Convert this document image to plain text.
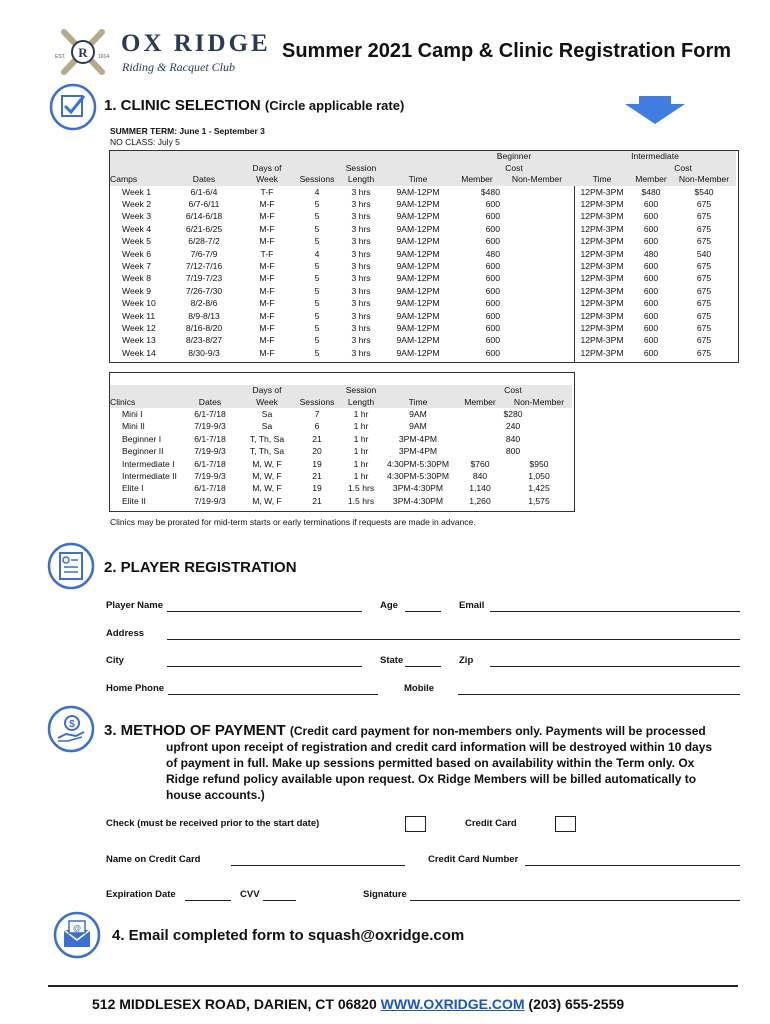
R
EST.	1914 OX RIDGE
Riding & Racquet Club
Summer 2021 Camp & Clinic Registration Form
1. CLINIC SELECTION (Circle applicable rate)
SUMMER TERM: June 1 - September 3
NO CLASS: July 5
						Beginner		Intermediate		
		Days of		Session		Cost			Cost	
Camps	Dates	Week	Sessions	Length	Time	Member	Non-Member	Time	Member	Non-Member
Week 1	6/1-6/4	T-F	4	3 hrs	9AM-12PM	$480		12PM-3PM	$480	$540
Week 2	6/7-6/11	M-F	5	3 hrs	9AM-12PM	600		12PM-3PM	600	675
Week 3	6/14-6/18	M-F	5	3 hrs	9AM-12PM	600		12PM-3PM	600	675
Week 4	6/21-6/25	M-F	5	3 hrs	9AM-12PM	600		12PM-3PM	600	675
Week 5	6/28-7/2	M-F	5	3 hrs	9AM-12PM	600		12PM-3PM	600	675
Week 6	7/6-7/9	T-F	4	3 hrs	9AM-12PM	480		12PM-3PM	480	540
Week 7	7/12-7/16	M-F	5	3 hrs	9AM-12PM	600		12PM-3PM	600	675
Week 8	7/19-7/23	M-F	5	3 hrs	9AM-12PM	600		12PM-3PM	600	675
Week 9	7/26-7/30	M-F	5	3 hrs	9AM-12PM	600		12PM-3PM	600	675
Week 10	8/2-8/6	M-F	5	3 hrs	9AM-12PM	600		12PM-3PM	600	675
Week 11	8/9-8/13	M-F	5	3 hrs	9AM-12PM	600		12PM-3PM	600	675
Week 12	8/16-8/20	M-F	5	3 hrs	9AM-12PM	600		12PM-3PM	600	675
Week 13	8/23-8/27	M-F	5	3 hrs	9AM-12PM	600		12PM-3PM	600	675
Week 14	8/30-9/3	M-F	5	3 hrs	9AM-12PM	600		12PM-3PM	600	675
		Days of		Session		Cost	
Clinics	Dates	Week	Sessions	Length	Time	Member	Non-Member
Mini I	6/1-7/18	Sa	7	1 hr	9AM	$280	
Mini II	7/19-9/3	Sa	6	1 hr	9AM	240	
Beginner I	6/1-7/18	T, Th, Sa	21	1 hr	3PM-4PM	840	
Beginner II	7/19-9/3	T, Th, Sa	20	1 hr	3PM-4PM	800	
Intermediate I	6/1-7/18	M, W, F	19	1 hr	4:30PM-5:30PM	$760	$950
Intermediate II	7/19-9/3	M, W, F	21	1 hr	4:30PM-5:30PM	840	1,050
Elite I	6/1-7/18	M, W, F	19	1.5 hrs	3PM-4:30PM	1,140	1,425
Elite II	7/19-9/3	M, W, F	21	1.5 hrs	3PM-4:30PM	1,260	1,575
Clinics may be prorated for mid-term starts or early terminations if requests are made in advance.
2. PLAYER REGISTRATION
Player Name	Age	Email
Address
City	State	Zip
Home Phone	Mobile
$ 3. METHOD OF PAYMENT (Credit card payment for non-members only. Payments will be processed
upfront upon receipt of registration and credit card information will be destroyed within 10 days
of payment in full. Make up sessions permitted based on availability within the Term only. Ox
Ridge refund policy available upon request. Ox Ridge Members will be billed automatically to
house accounts.)
Check (must be received prior to the start date)	Credit Card
Name on Credit Card	Credit Card Number
Expiration Date	CVV	Signature
@ 4. Email completed form to squash@oxridge.com
512 MIDDLESEX ROAD, DARIEN, CT 06820 WWW.OXRIDGE.COM (203) 655-2559
